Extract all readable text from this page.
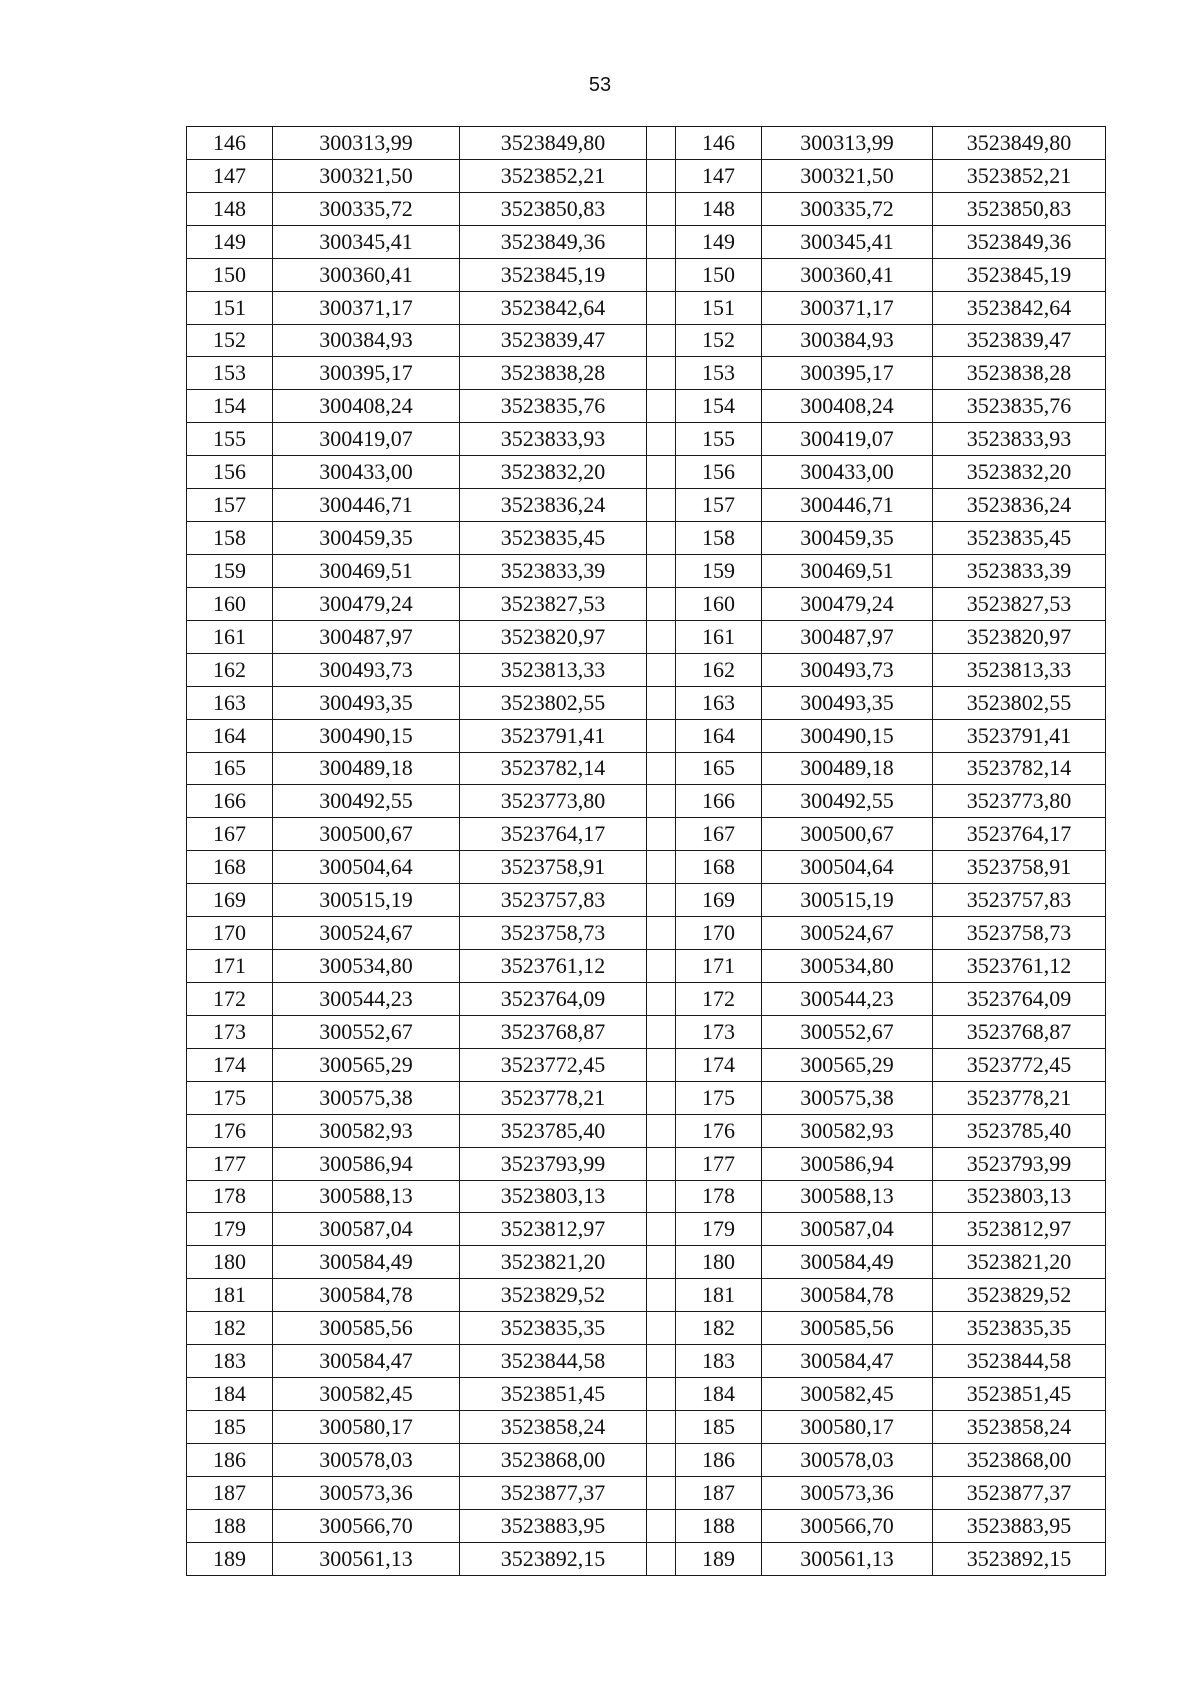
53
146	300313,99	3523849,80		146	300313,99	3523849,80
147	300321,50	3523852,21		147	300321,50	3523852,21
148	300335,72	3523850,83		148	300335,72	3523850,83
149	300345,41	3523849,36		149	300345,41	3523849,36
150	300360,41	3523845,19		150	300360,41	3523845,19
151	300371,17	3523842,64		151	300371,17	3523842,64
152	300384,93	3523839,47		152	300384,93	3523839,47
153	300395,17	3523838,28		153	300395,17	3523838,28
154	300408,24	3523835,76		154	300408,24	3523835,76
155	300419,07	3523833,93		155	300419,07	3523833,93
156	300433,00	3523832,20		156	300433,00	3523832,20
157	300446,71	3523836,24		157	300446,71	3523836,24
158	300459,35	3523835,45		158	300459,35	3523835,45
159	300469,51	3523833,39		159	300469,51	3523833,39
160	300479,24	3523827,53		160	300479,24	3523827,53
161	300487,97	3523820,97		161	300487,97	3523820,97
162	300493,73	3523813,33		162	300493,73	3523813,33
163	300493,35	3523802,55		163	300493,35	3523802,55
164	300490,15	3523791,41		164	300490,15	3523791,41
165	300489,18	3523782,14		165	300489,18	3523782,14
166	300492,55	3523773,80		166	300492,55	3523773,80
167	300500,67	3523764,17		167	300500,67	3523764,17
168	300504,64	3523758,91		168	300504,64	3523758,91
169	300515,19	3523757,83		169	300515,19	3523757,83
170	300524,67	3523758,73		170	300524,67	3523758,73
171	300534,80	3523761,12		171	300534,80	3523761,12
172	300544,23	3523764,09		172	300544,23	3523764,09
173	300552,67	3523768,87		173	300552,67	3523768,87
174	300565,29	3523772,45		174	300565,29	3523772,45
175	300575,38	3523778,21		175	300575,38	3523778,21
176	300582,93	3523785,40		176	300582,93	3523785,40
177	300586,94	3523793,99		177	300586,94	3523793,99
178	300588,13	3523803,13		178	300588,13	3523803,13
179	300587,04	3523812,97		179	300587,04	3523812,97
180	300584,49	3523821,20		180	300584,49	3523821,20
181	300584,78	3523829,52		181	300584,78	3523829,52
182	300585,56	3523835,35		182	300585,56	3523835,35
183	300584,47	3523844,58		183	300584,47	3523844,58
184	300582,45	3523851,45		184	300582,45	3523851,45
185	300580,17	3523858,24		185	300580,17	3523858,24
186	300578,03	3523868,00		186	300578,03	3523868,00
187	300573,36	3523877,37		187	300573,36	3523877,37
188	300566,70	3523883,95		188	300566,70	3523883,95
189	300561,13	3523892,15		189	300561,13	3523892,15
